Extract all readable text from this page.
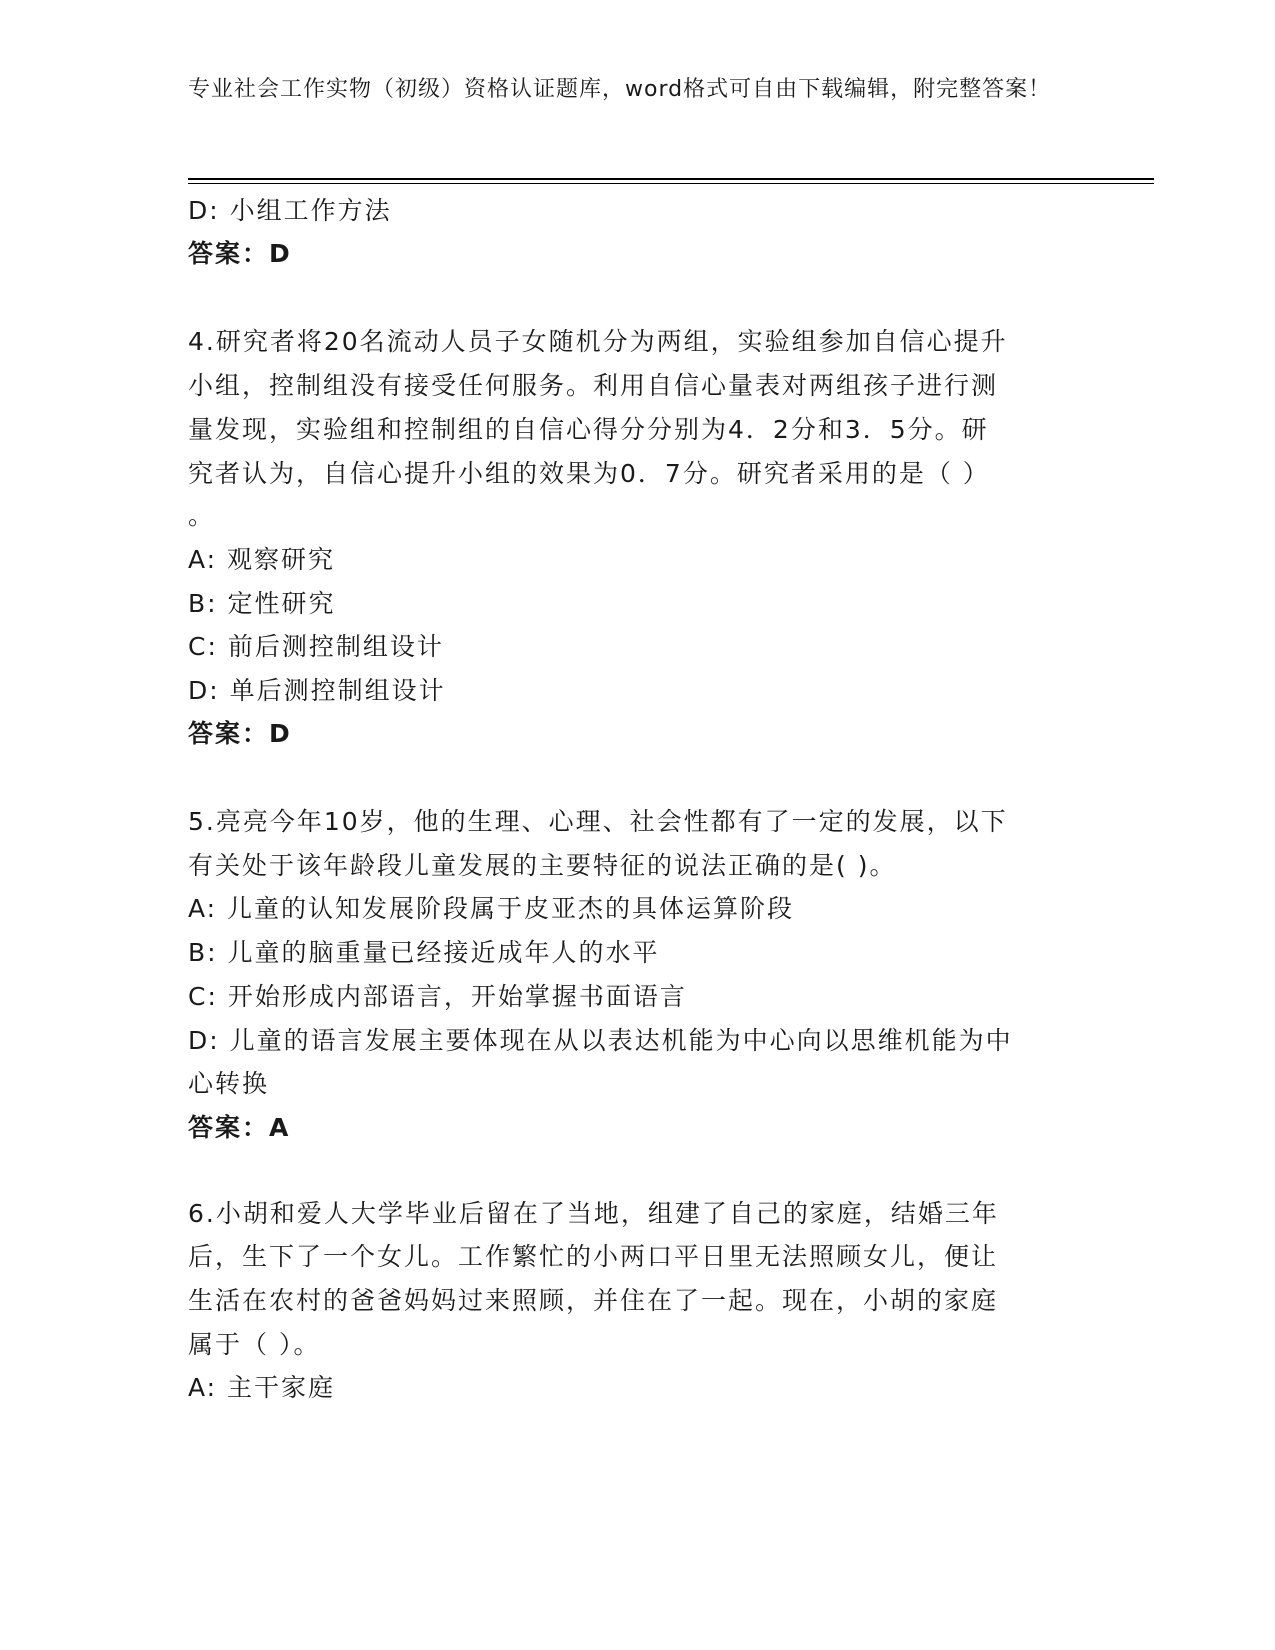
专业社会工作实物（初级）资格认证题库，word格式可自由下载编辑，附完整答案！
D: 小组工作方法
答案：D
4.研究者将20名流动人员子女随机分为两组，实验组参加自信心提升
小组，控制组没有接受任何服务。利用自信心量表对两组孩子进行测
量发现，实验组和控制组的自信心得分分别为4．2分和3．5分。研
究者认为，自信心提升小组的效果为0．7分。研究者采用的是（ ）
。
A: 观察研究
B: 定性研究
C: 前后测控制组设计
D: 单后测控制组设计
答案：D
5.亮亮今年10岁，他的生理、心理、社会性都有了一定的发展，以下
有关处于该年龄段儿童发展的主要特征的说法正确的是( )。
A: 儿童的认知发展阶段属于皮亚杰的具体运算阶段
B: 儿童的脑重量已经接近成年人的水平
C: 开始形成内部语言，开始掌握书面语言
D: 儿童的语言发展主要体现在从以表达机能为中心向以思维机能为中
心转换
答案：A
6.小胡和爱人大学毕业后留在了当地，组建了自己的家庭，结婚三年
后，生下了一个女儿。工作繁忙的小两口平日里无法照顾女儿，便让
生活在农村的爸爸妈妈过来照顾，并住在了一起。现在，小胡的家庭
属于（ ）。
A: 主干家庭
